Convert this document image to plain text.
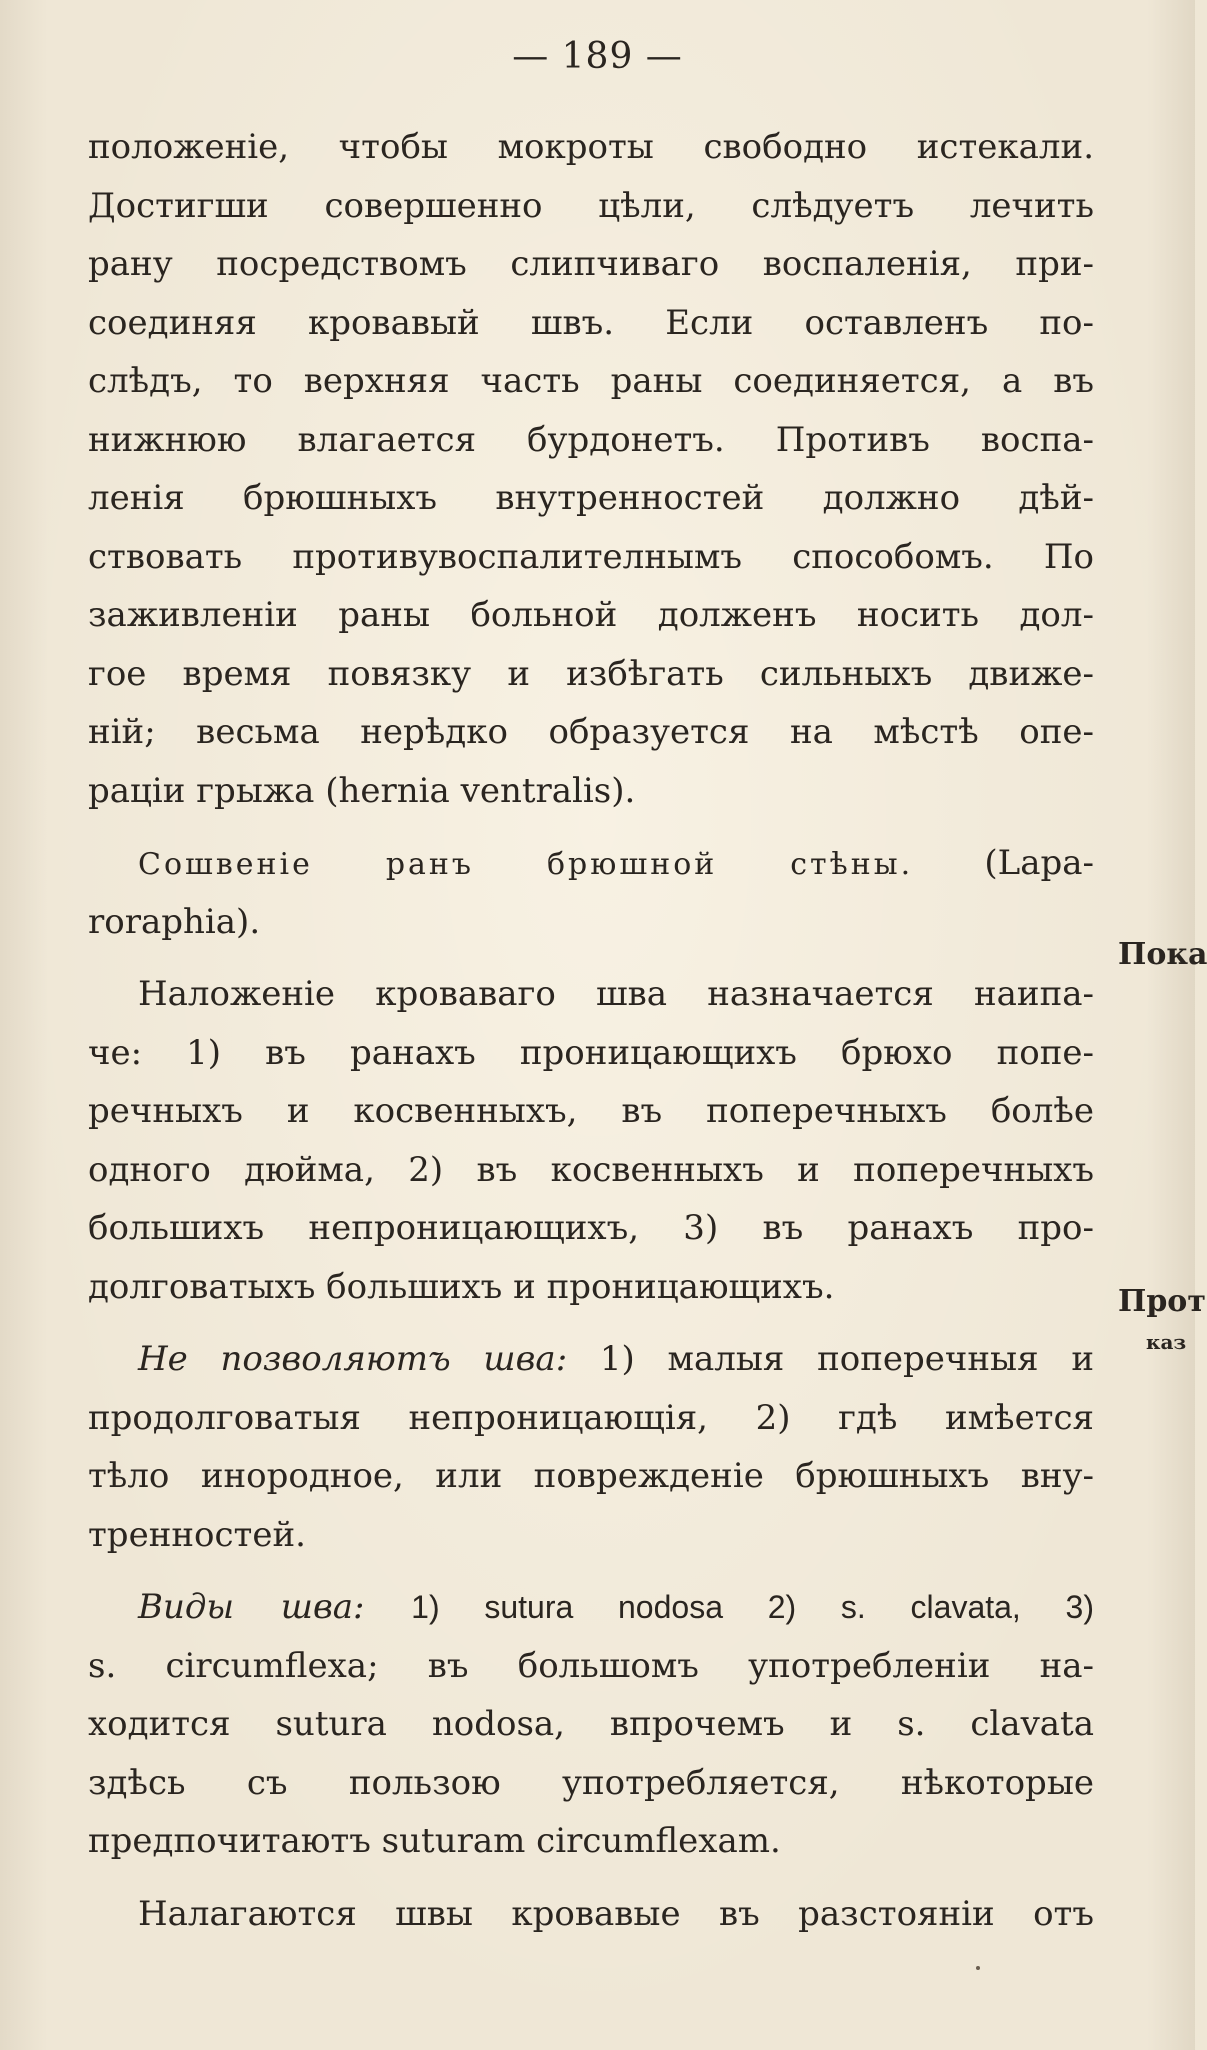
— 189 —
положенie, чтобы мокроты свободно истекали.
Достигши совершенно цѣли, слѣдуетъ лечить
рану посредствомъ слипчиваго воспаленія, при-
соединяя кровавый швъ. Если оставленъ по-
слѣдъ, то верхняя часть раны соединяется, а въ
нижнюю влагается бурдонетъ. Противъ воспа-
ленія брюшныхъ внутренностей должно дѣй-
ствовать противувоспалителнымъ способомъ. По
заживленіи раны больной долженъ носить дол-
гое время повязку и избѣгать сильныхъ движе-
ній; весьма нерѣдко образуется на мѣстѣ опе-
раціи грыжа (hernia ventralis).
Сошвеніе ранъ брюшной стѣны. (Lapa-
roraphia).
Наложенie кроваваго шва назначается наипа-
че: 1) въ ранахъ проницающихъ брюхо попе-
речныхъ и косвенныхъ, въ поперечныхъ болѣе
одного дюйма, 2) въ косвенныхъ и поперечныхъ
большихъ непроницающихъ, 3) въ ранахъ про-
долговатыхъ большихъ и проницающихъ.
Не позволяютъ шва: 1) малыя поперечныя и
продолговатыя непроницающія, 2) гдѣ имѣется
тѣло инородное, или поврежденіе брюшныхъ вну-
тренностей.
Виды шва: 1) sutura nodosa 2) s. clavata, 3)
s. circumflexa; въ большомъ употребленіи на-
ходится sutura nodosa, впрочемъ и s. clavata
здѣсь съ пользою употребляется, нѣкоторые
предпочитаютъ suturam circumflexam.
Налагаются швы кровавые въ разстояніи отъ
Пока
Прот
каз
